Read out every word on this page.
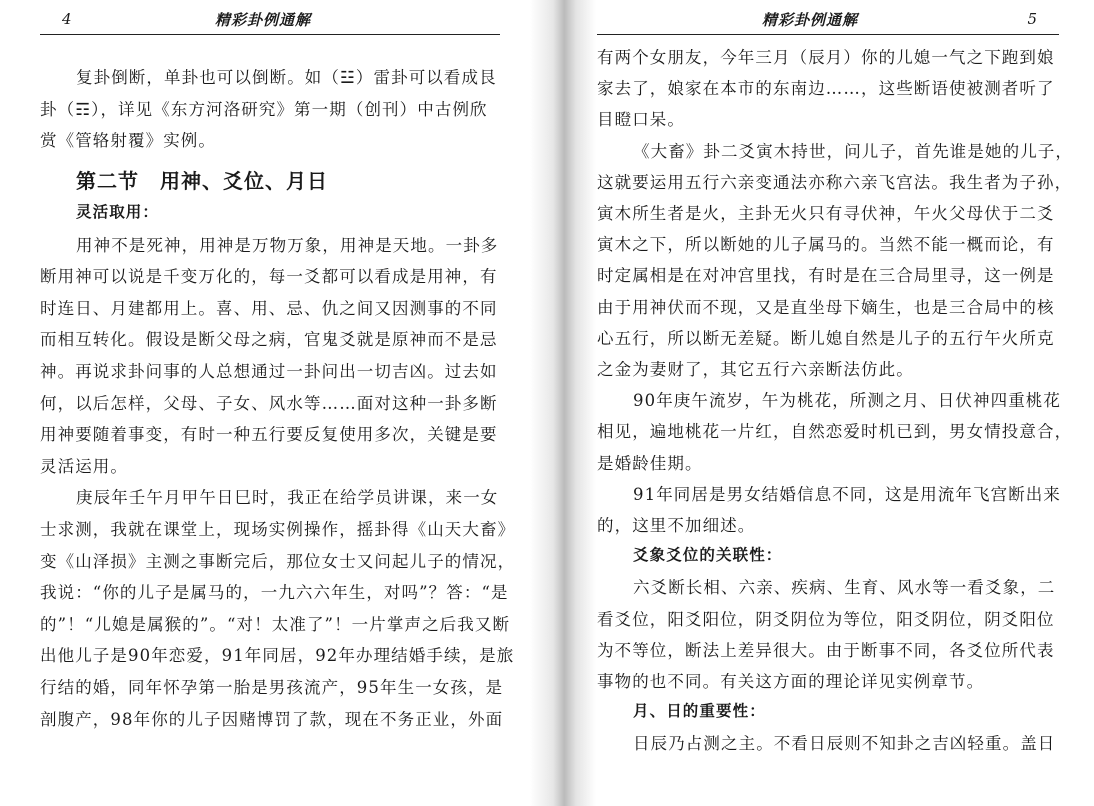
4	精彩卦例通解
复卦倒断，单卦也可以倒断。如（☳）雷卦可以看成艮
卦（☶），详见《东方河洛研究》第一期（创刊）中古例欣
赏《管辂射覆》实例。
第二节　用神、爻位、月日
灵活取用：
用神不是死神，用神是万物万象，用神是天地。一卦多
断用神可以说是千变万化的，每一爻都可以看成是用神，有
时连日、月建都用上。喜、用、忌、仇之间又因测事的不同
而相互转化。假设是断父母之病，官鬼爻就是原神而不是忌
神。再说求卦问事的人总想通过一卦问出一切吉凶。过去如
何，以后怎样，父母、子女、风水等……面对这种一卦多断
用神要随着事变，有时一种五行要反复使用多次，关键是要
灵活运用。
庚辰年壬午月甲午日巳时，我正在给学员讲课，来一女
士求测，我就在课堂上，现场实例操作，摇卦得《山天大畜》
变《山泽损》主测之事断完后，那位女士又问起儿子的情况，
我说：“你的儿子是属马的，一九六六年生，对吗”？答：“是
的”！“儿媳是属猴的”。“对！太准了”！一片掌声之后我又断
出他儿子是90年恋爱，91年同居，92年办理结婚手续，是旅
行结的婚，同年怀孕第一胎是男孩流产，95年生一女孩，是
剖腹产，98年你的儿子因赌博罚了款，现在不务正业，外面
精彩卦例通解	5
有两个女朋友，今年三月（辰月）你的儿媳一气之下跑到娘
家去了，娘家在本市的东南边……，这些断语使被测者听了
目瞪口呆。
《大畜》卦二爻寅木持世，问儿子，首先谁是她的儿子，
这就要运用五行六亲变通法亦称六亲飞宫法。我生者为子孙，
寅木所生者是火，主卦无火只有寻伏神，午火父母伏于二爻
寅木之下，所以断她的儿子属马的。当然不能一概而论，有
时定属相是在对冲宫里找，有时是在三合局里寻，这一例是
由于用神伏而不现，又是直坐母下嫡生，也是三合局中的核
心五行，所以断无差疑。断儿媳自然是儿子的五行午火所克
之金为妻财了，其它五行六亲断法仿此。
90年庚午流岁，午为桃花，所测之月、日伏神四重桃花
相见，遍地桃花一片红，自然恋爱时机已到，男女情投意合，
是婚龄佳期。
91年同居是男女结婚信息不同，这是用流年飞宫断出来
的，这里不加细述。
爻象爻位的关联性：
六爻断长相、六亲、疾病、生育、风水等一看爻象，二
看爻位，阳爻阳位，阴爻阴位为等位，阳爻阴位，阴爻阳位
为不等位，断法上差异很大。由于断事不同，各爻位所代表
事物的也不同。有关这方面的理论详见实例章节。
月、日的重要性：
日辰乃占测之主。不看日辰则不知卦之吉凶轻重。盖日
